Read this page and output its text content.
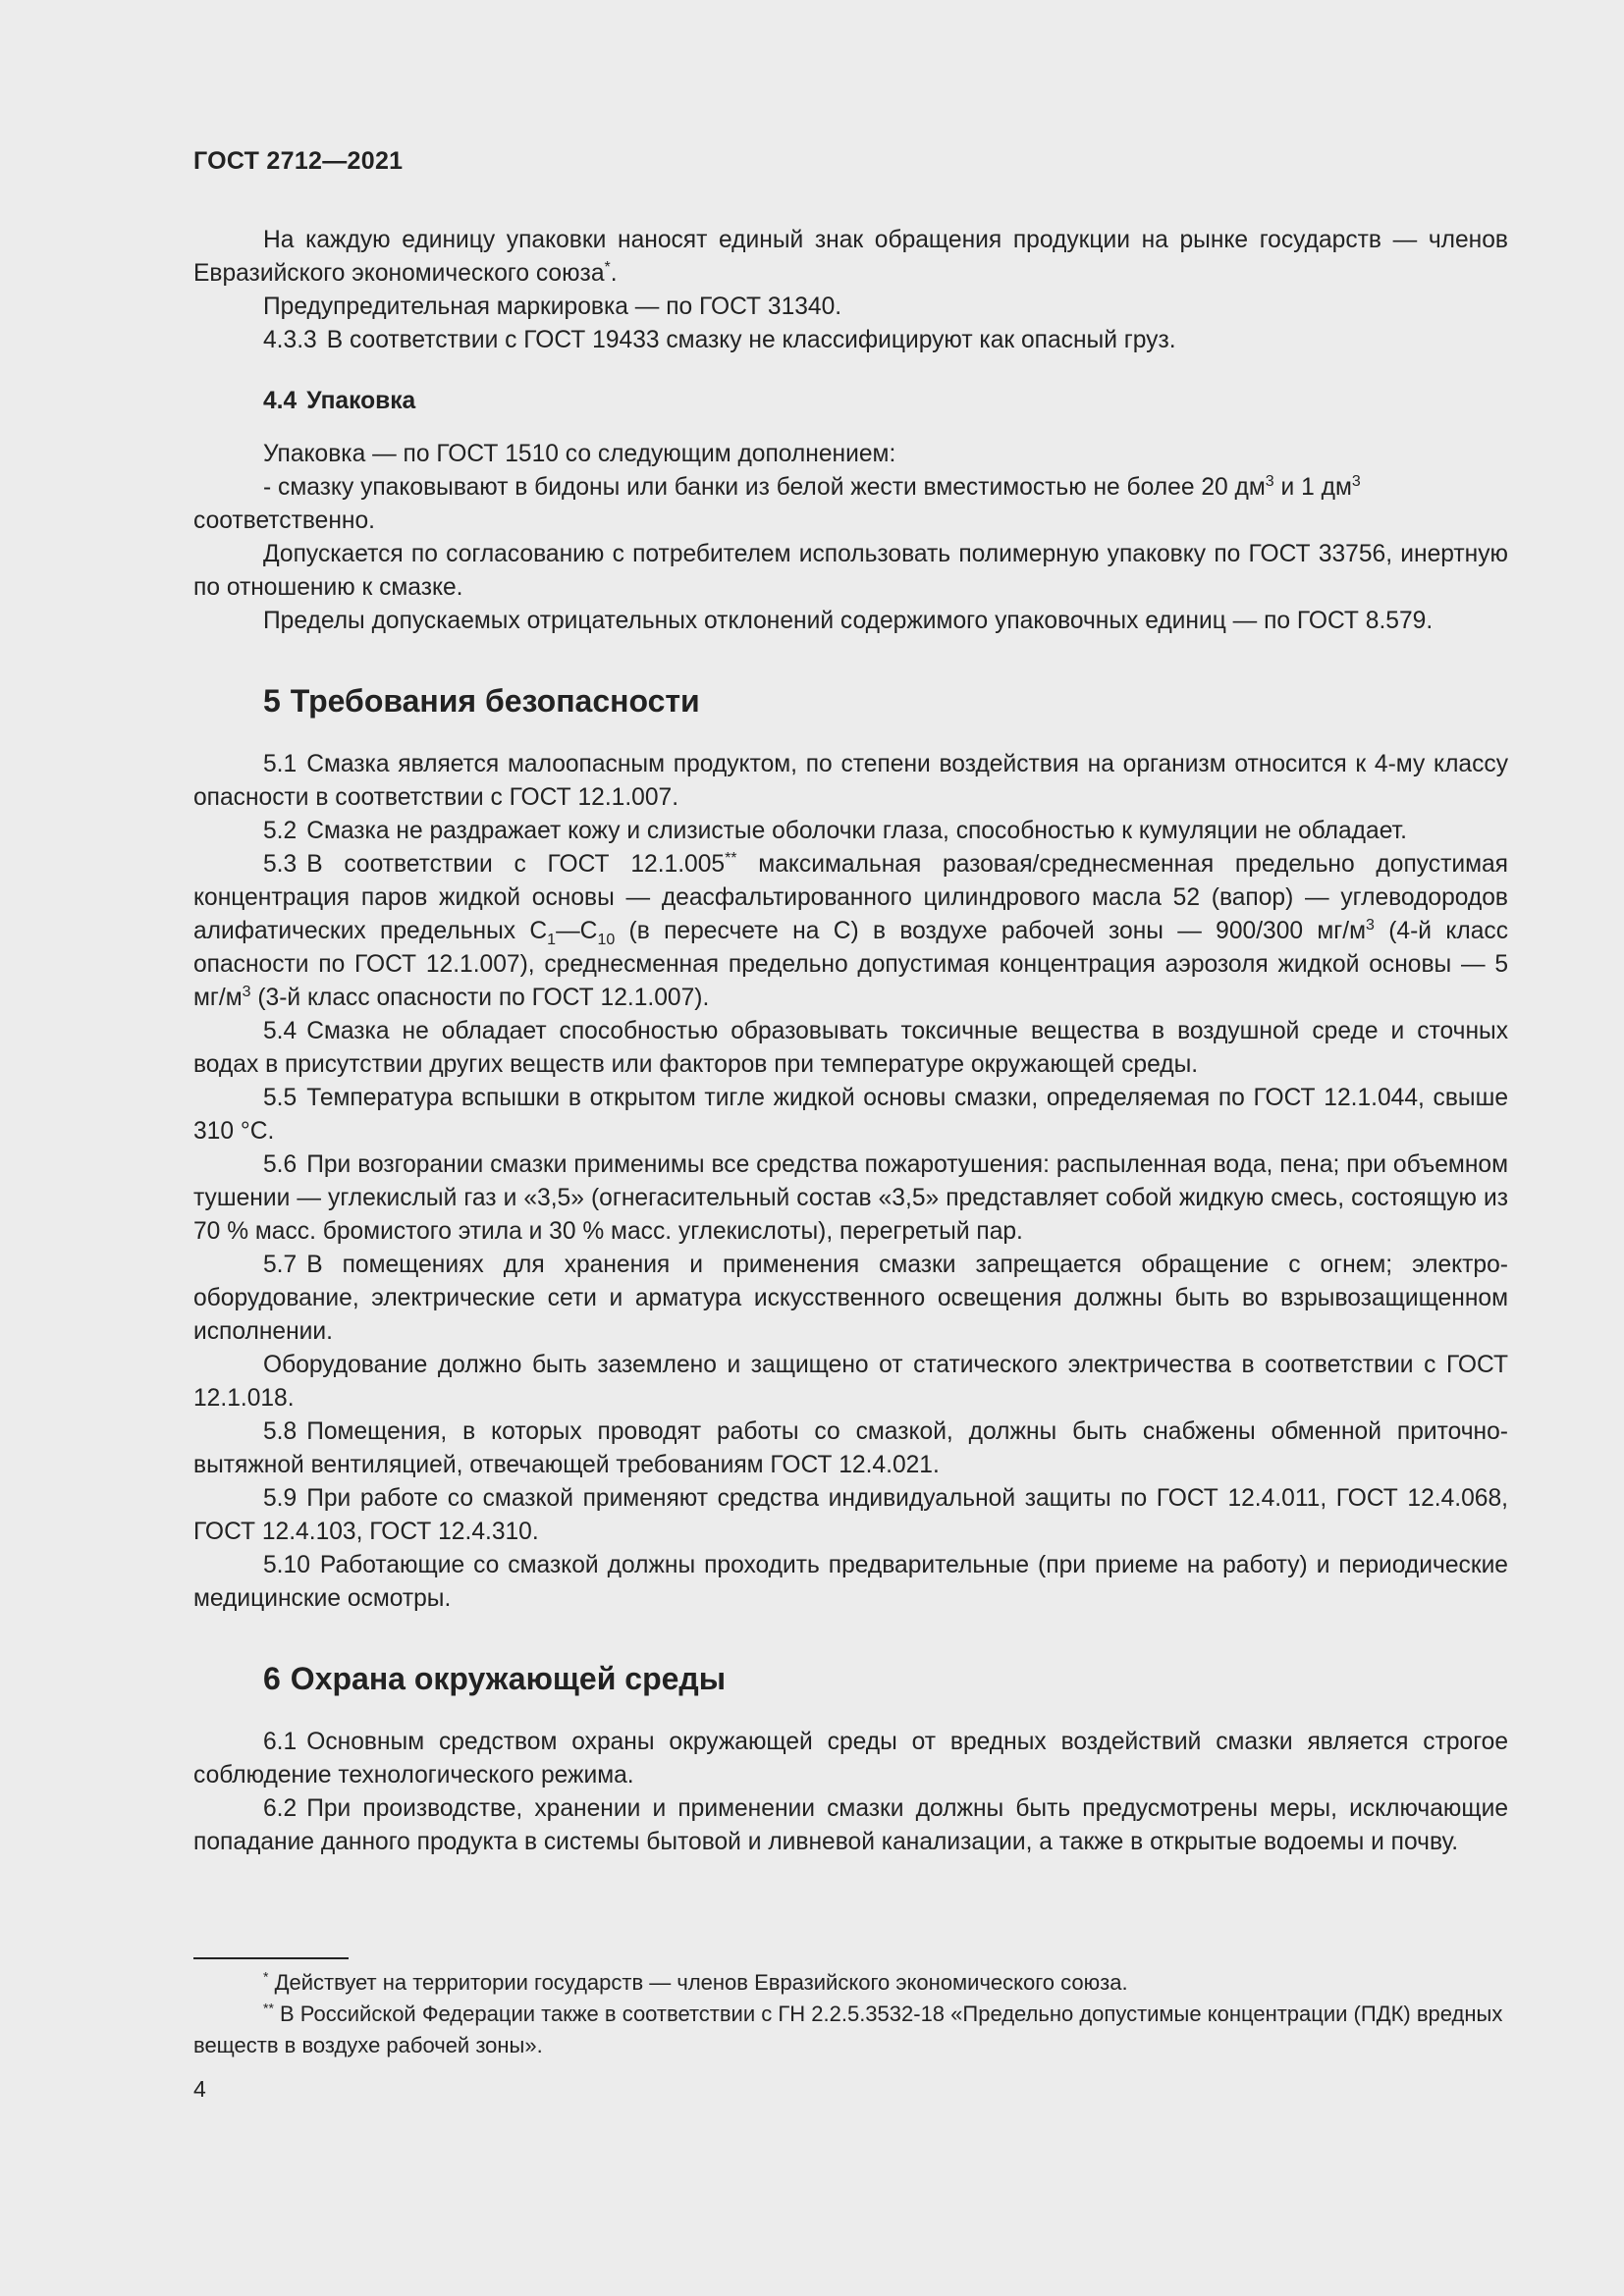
ГОСТ 2712—2021

На каждую единицу упаковки наносят единый знак обращения продукции на рынке государств — членов Евразийского экономического союза*.

Предупредительная маркировка — по ГОСТ 31340.

4.3.3 В соответствии с ГОСТ 19433 смазку не классифицируют как опасный груз.

4.4 Упаковка

Упаковка — по ГОСТ 1510 со следующим дополнением:

- смазку упаковывают в бидоны или банки из белой жести вместимостью не более 20 $дм^3$ и 1 $дм^3$ соответственно.

Допускается по согласованию с потребителем использовать полимерную упаковку по ГОСТ 33756, инертную по отношению к смазке.

Пределы допускаемых отрицательных отклонений содержимого упаковочных единиц — по ГОСТ 8.579.

5 Требования безопасности

5.1 Смазка является малоопасным продуктом, по степени воздействия на организм относится к 4-му классу опасности в соответствии с ГОСТ 12.1.007.

5.2 Смазка не раздражает кожу и слизистые оболочки глаза, способностью к кумуляции не обладает.

5.3 В соответствии с ГОСТ 12.1.005** максимальная разовая/среднесменная предельно допустимая концентрация паров жидкой основы — деасфальтированного цилиндрового масла 52 (вапор) — углеводородов алифатических предельных $С_1—С_{10}$ (в пересчете на С) в воздухе рабочей зоны — 900/300 $мг/м^3$ (4-й класс опасности по ГОСТ 12.1.007), среднесменная предельно допустимая концентрация аэрозоля жидкой основы — 5 $мг/м^3$ (3-й класс опасности по ГОСТ 12.1.007).

5.4 Смазка не обладает способностью образовывать токсичные вещества в воздушной среде и сточных водах в присутствии других веществ или факторов при температуре окружающей среды.

5.5 Температура вспышки в открытом тигле жидкой основы смазки, определяемая по ГОСТ 12.1.044, свыше 310 °С.

5.6 При возгорании смазки применимы все средства пожаротушения: распыленная вода, пена; при объемном тушении — углекислый газ и «3,5» (огнегасительный состав «3,5» представляет собой жидкую смесь, состоящую из 70 % масс. бромистого этила и 30 % масс. углекислоты), перегретый пар.

5.7 В помещениях для хранения и применения смазки запрещается обращение с огнем; электрооборудование, электрические сети и арматура искусственного освещения должны быть во взрывозащищенном исполнении.

Оборудование должно быть заземлено и защищено от статического электричества в соответствии с ГОСТ 12.1.018.

5.8 Помещения, в которых проводят работы со смазкой, должны быть снабжены обменной приточно-вытяжной вентиляцией, отвечающей требованиям ГОСТ 12.4.021.

5.9 При работе со смазкой применяют средства индивидуальной защиты по ГОСТ 12.4.011, ГОСТ 12.4.068, ГОСТ 12.4.103, ГОСТ 12.4.310.

5.10 Работающие со смазкой должны проходить предварительные (при приеме на работу) и периодические медицинские осмотры.

6 Охрана окружающей среды

6.1 Основным средством охраны окружающей среды от вредных воздействий смазки является строгое соблюдение технологического режима.

6.2 При производстве, хранении и применении смазки должны быть предусмотрены меры, исключающие попадание данного продукта в системы бытовой и ливневой канализации, а также в открытые водоемы и почву.

* Действует на территории государств — членов Евразийского экономического союза.

** В Российской Федерации также в соответствии с ГН 2.2.5.3532-18 «Предельно допустимые концентрации (ПДК) вредных веществ в воздухе рабочей зоны».

4
